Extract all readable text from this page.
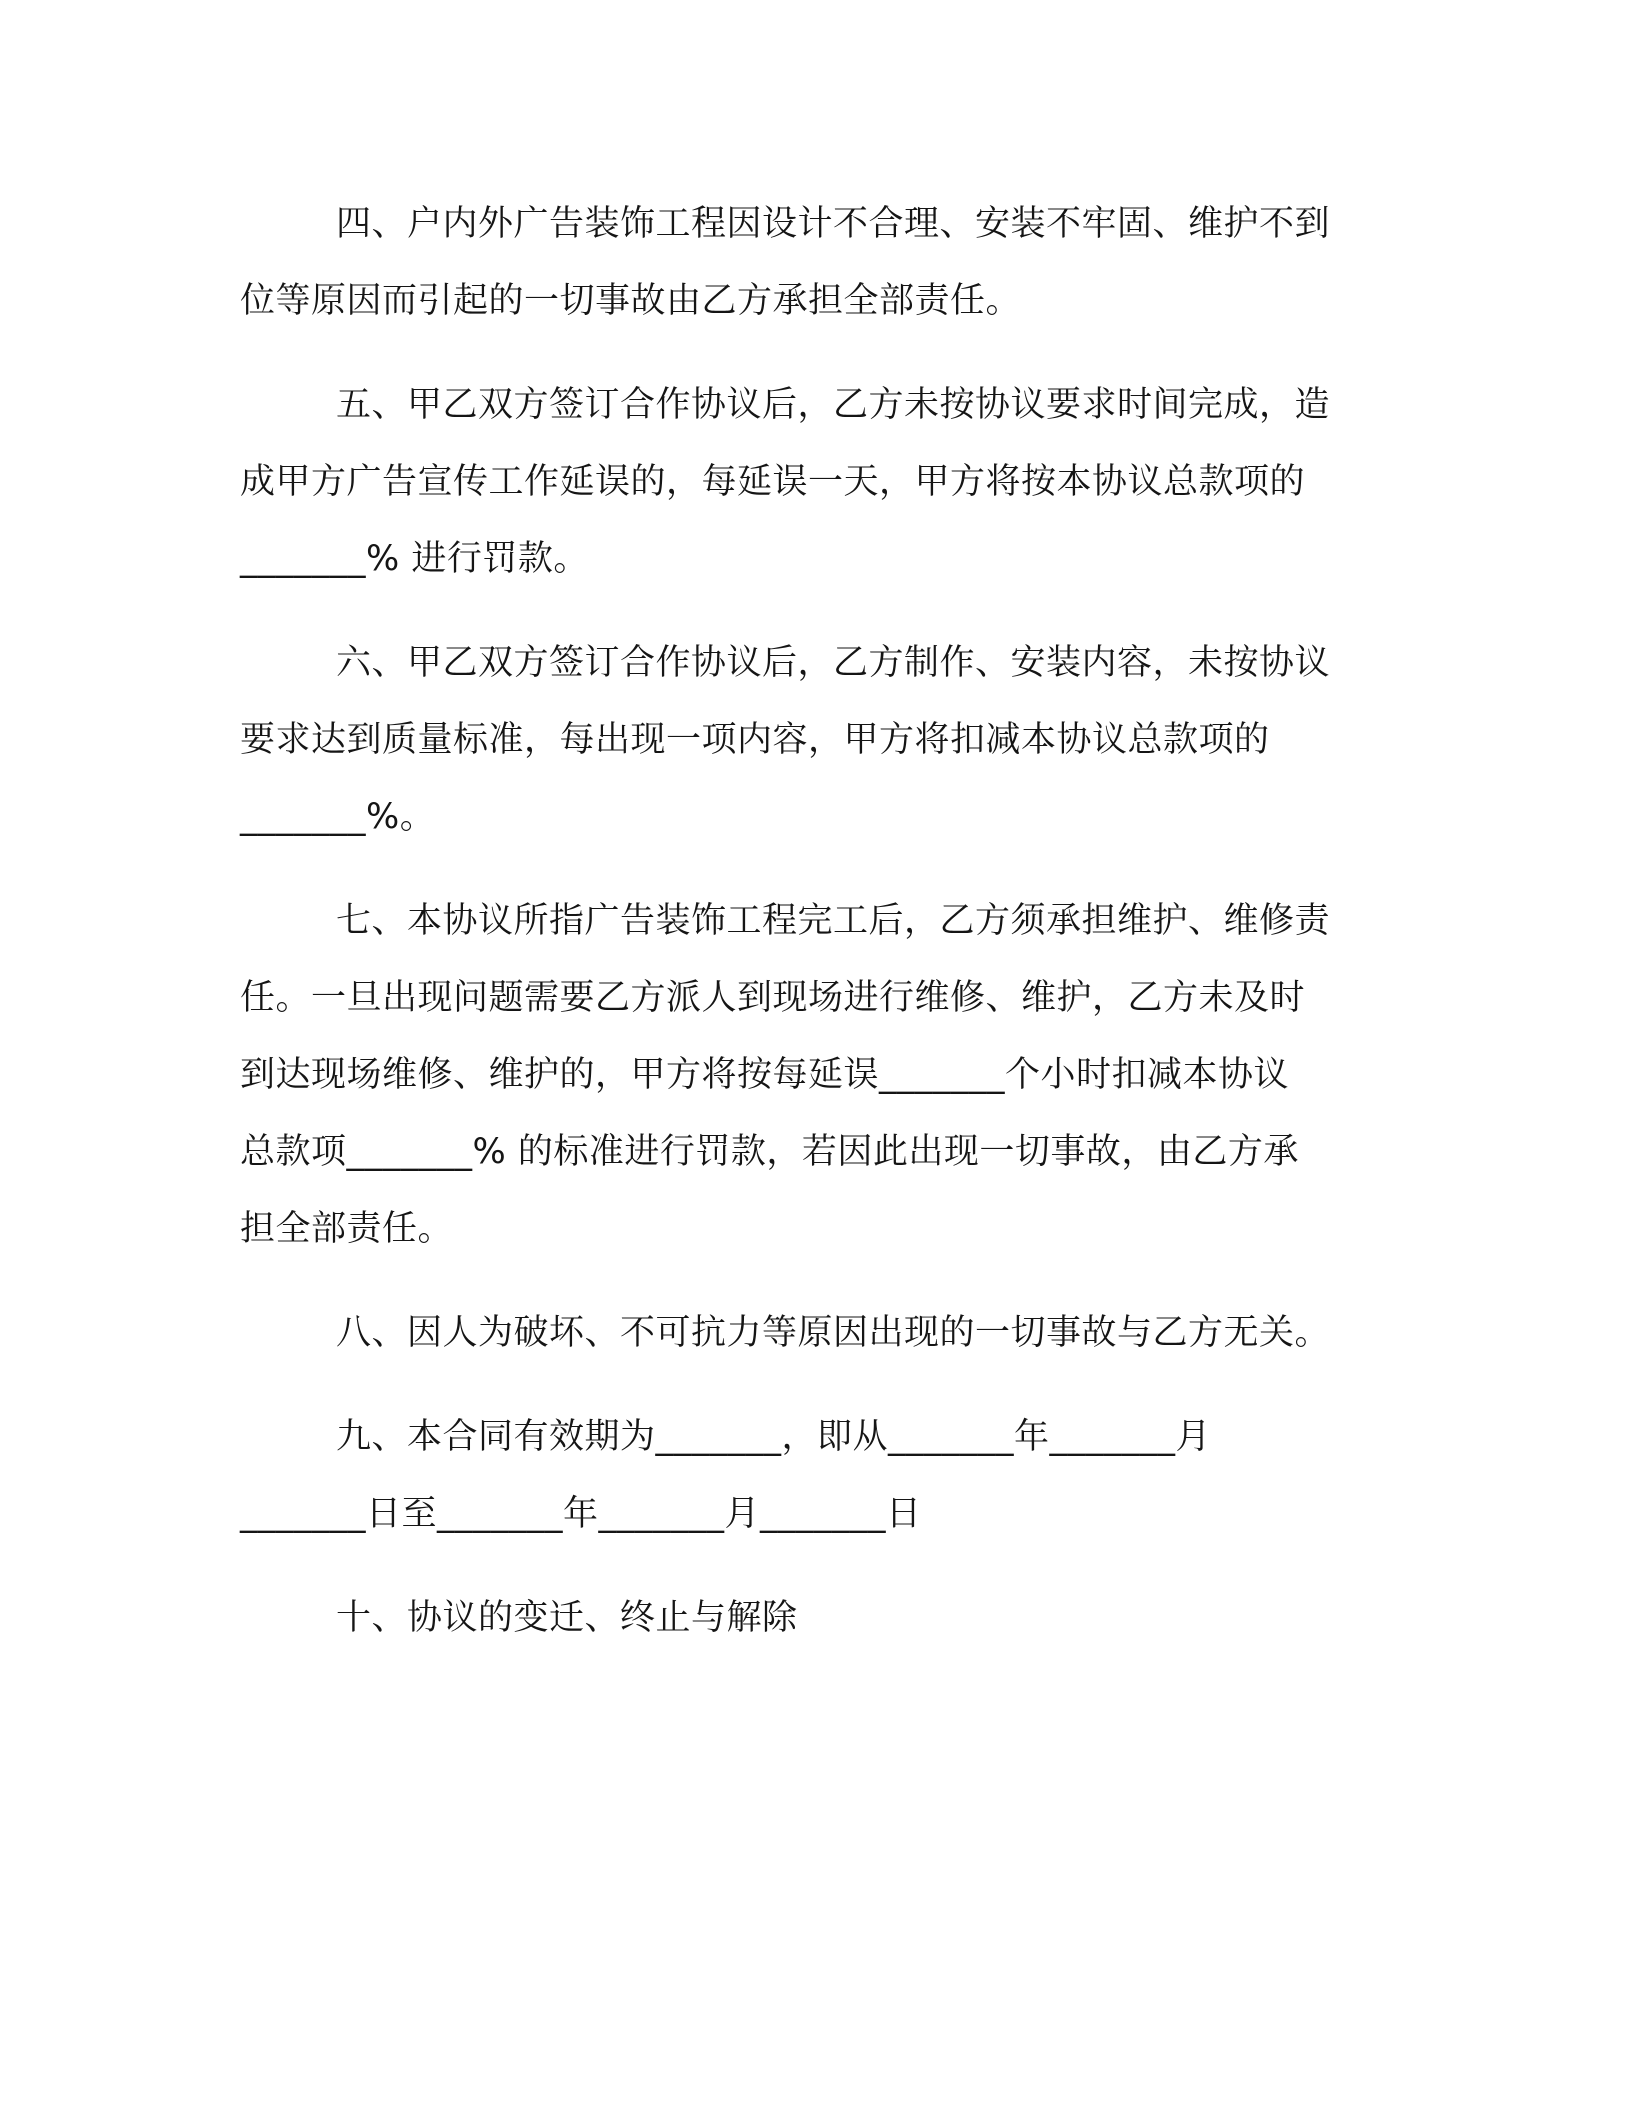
四、户内外广告装饰工程因设计不合理、安装不牢固、维护不到
位等原因而引起的一切事故由乙方承担全部责任。
五、甲乙双方签订合作协议后，乙方未按协议要求时间完成，造
成甲方广告宣传工作延误的，每延误一天，甲方将按本协议总款项的
_______% 进行罚款。
六、甲乙双方签订合作协议后，乙方制作、安装内容，未按协议
要求达到质量标准，每出现一项内容，甲方将扣减本协议总款项的
_______%。
七、本协议所指广告装饰工程完工后，乙方须承担维护、维修责
任。一旦出现问题需要乙方派人到现场进行维修、维护，乙方未及时
到达现场维修、维护的，甲方将按每延误_______个小时扣减本协议
总款项_______% 的标准进行罚款，若因此出现一切事故，由乙方承
担全部责任。
八、因人为破坏、不可抗力等原因出现的一切事故与乙方无关。
九、本合同有效期为_______，即从_______年_______月
_______日至_______年_______月_______日
十、协议的变迁、终止与解除
